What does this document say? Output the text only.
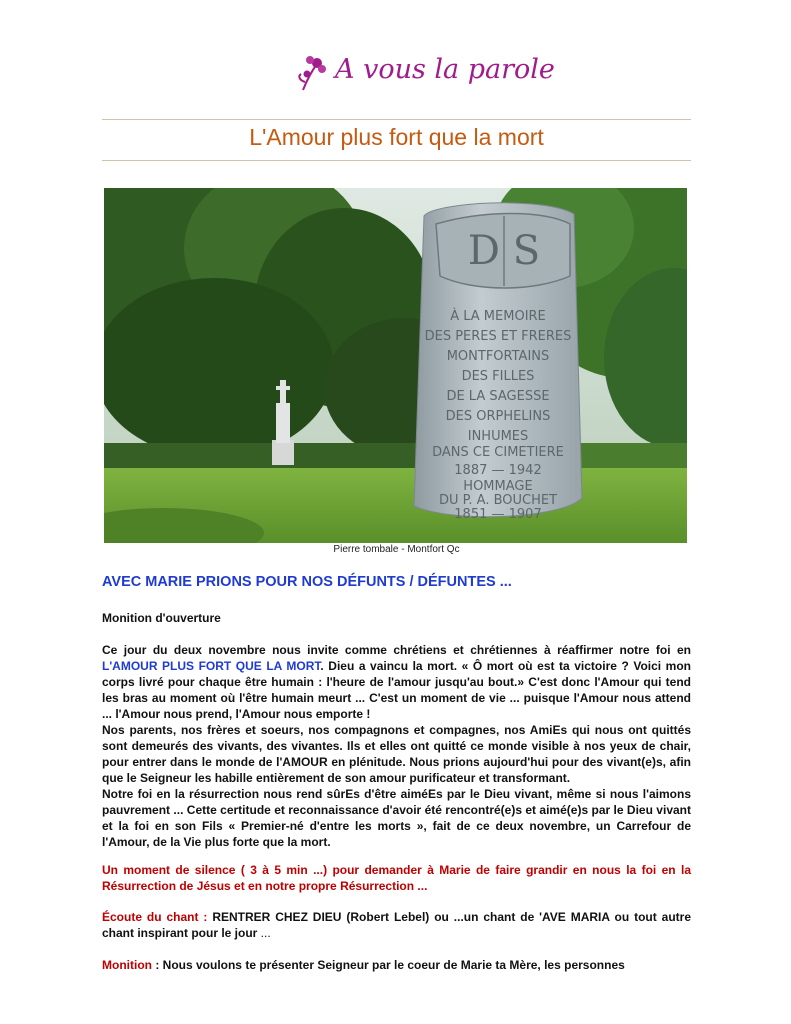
A vous la parole
L'Amour plus fort que la mort
D S
À LA MEMOIRE
DES PERES ET FRERES
MONTFORTAINS
DES FILLES
DE LA SAGESSE
DES ORPHELINS
INHUMES
DANS CE CIMETIERE
1887 — 1942
HOMMAGE
DU P. A. BOUCHET
1851 — 1907
Pierre tombale - Montfort Qc
AVEC MARIE PRIONS POUR NOS DÉFUNTS / DÉFUNTES ...
Monition d'ouverture
Ce jour du deux novembre nous invite comme chrétiens et chrétiennes à réaffirmer notre foi en L'AMOUR PLUS FORT QUE LA MORT. Dieu a vaincu la mort. « Ô mort où est ta victoire ? Voici mon corps livré pour chaque être humain : l'heure de l'amour jusqu'au bout.» C'est donc l'Amour qui tend les bras au moment où l'être humain meurt ... C'est un moment de vie ... puisque l'Amour nous attend ... l'Amour nous prend, l'Amour nous emporte !
Nos parents, nos frères et soeurs, nos compagnons et compagnes, nos AmiEs qui nous ont quittés sont demeurés des vivants, des vivantes. Ils et elles ont quitté ce monde visible à nos yeux de chair, pour entrer dans le monde de l'AMOUR en plénitude. Nous prions aujourd'hui pour des vivant(e)s, afin que le Seigneur les habille entièrement de son amour purificateur et transformant.
Notre foi en la résurrection nous rend sûrEs d'être aiméEs par le Dieu vivant, même si nous l'aimons pauvrement ... Cette certitude et reconnaissance d'avoir été rencontré(e)s et aimé(e)s par le Dieu vivant et la foi en son Fils « Premier-né d'entre les morts », fait de ce deux novembre, un Carrefour de l'Amour, de la Vie plus forte que la mort.
Un moment de silence ( 3 à 5 min ...) pour demander à Marie de faire grandir en nous la foi en la Résurrection de Jésus et en notre propre Résurrection ...
Écoute du chant : RENTRER CHEZ DIEU (Robert Lebel) ou ...un chant de 'AVE MARIA ou tout autre chant inspirant pour le jour ...
Monition : Nous voulons te présenter Seigneur par le coeur de Marie ta Mère, les personnes
